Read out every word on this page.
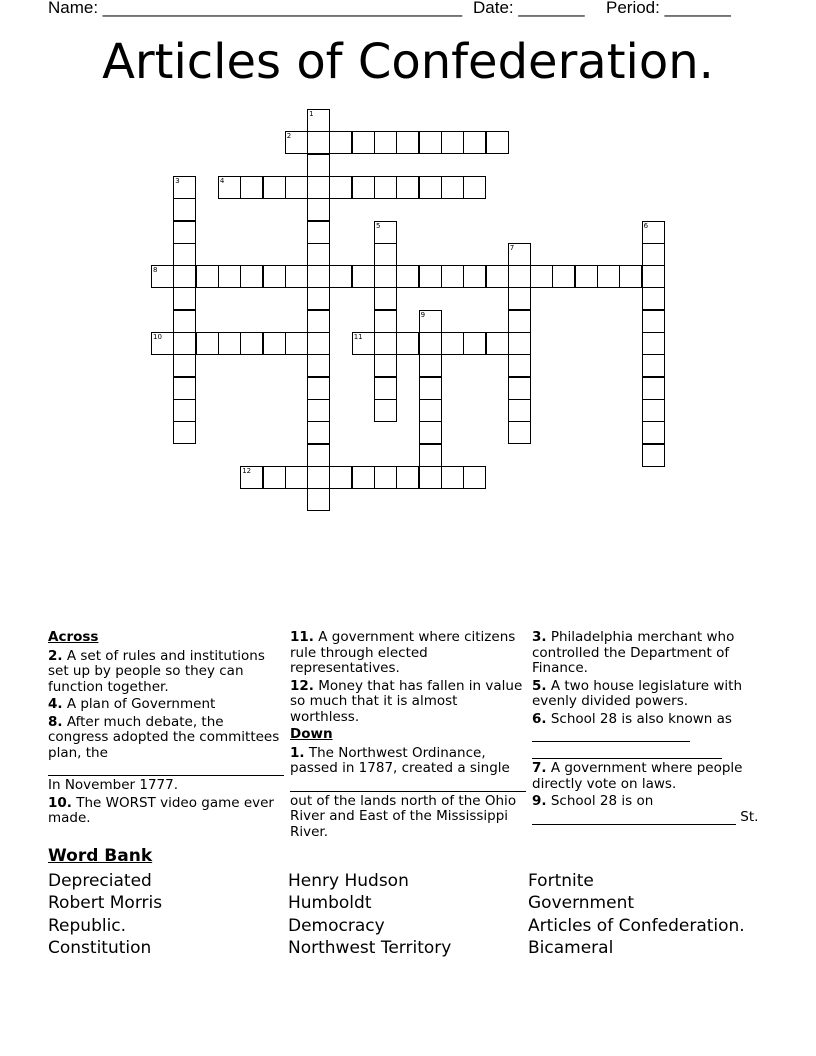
Name: ______________________________________ Date: _______ Period: _______
Articles of Confederation.
1
2
3	4
5	6
7
8
9
10	11
12
Across
2. A set of rules and institutions set up by people so they can function together.
4. A plan of Government
8. After much debate, the congress adopted the committees plan, the
In November 1777.
10. The WORST video game ever made.
11. A government where citizens rule through elected representatives.
12. Money that has fallen in value so much that it is almost worthless.
Down
1. The Northwest Ordinance, passed in 1787, created a single
out of the lands north of the Ohio River and East of the Mississippi River.
3. Philadelphia merchant who controlled the Department of Finance.
5. A two house legislature with evenly divided powers.
6. School 28 is also known as
7. A government where people directly vote on laws.
9. School 28 is on
St.
Word Bank
Depreciated	Henry Hudson	Fortnite
Robert Morris	Humboldt	Government
Republic.	Democracy	Articles of Confederation.
Constitution	Northwest Territory	Bicameral
